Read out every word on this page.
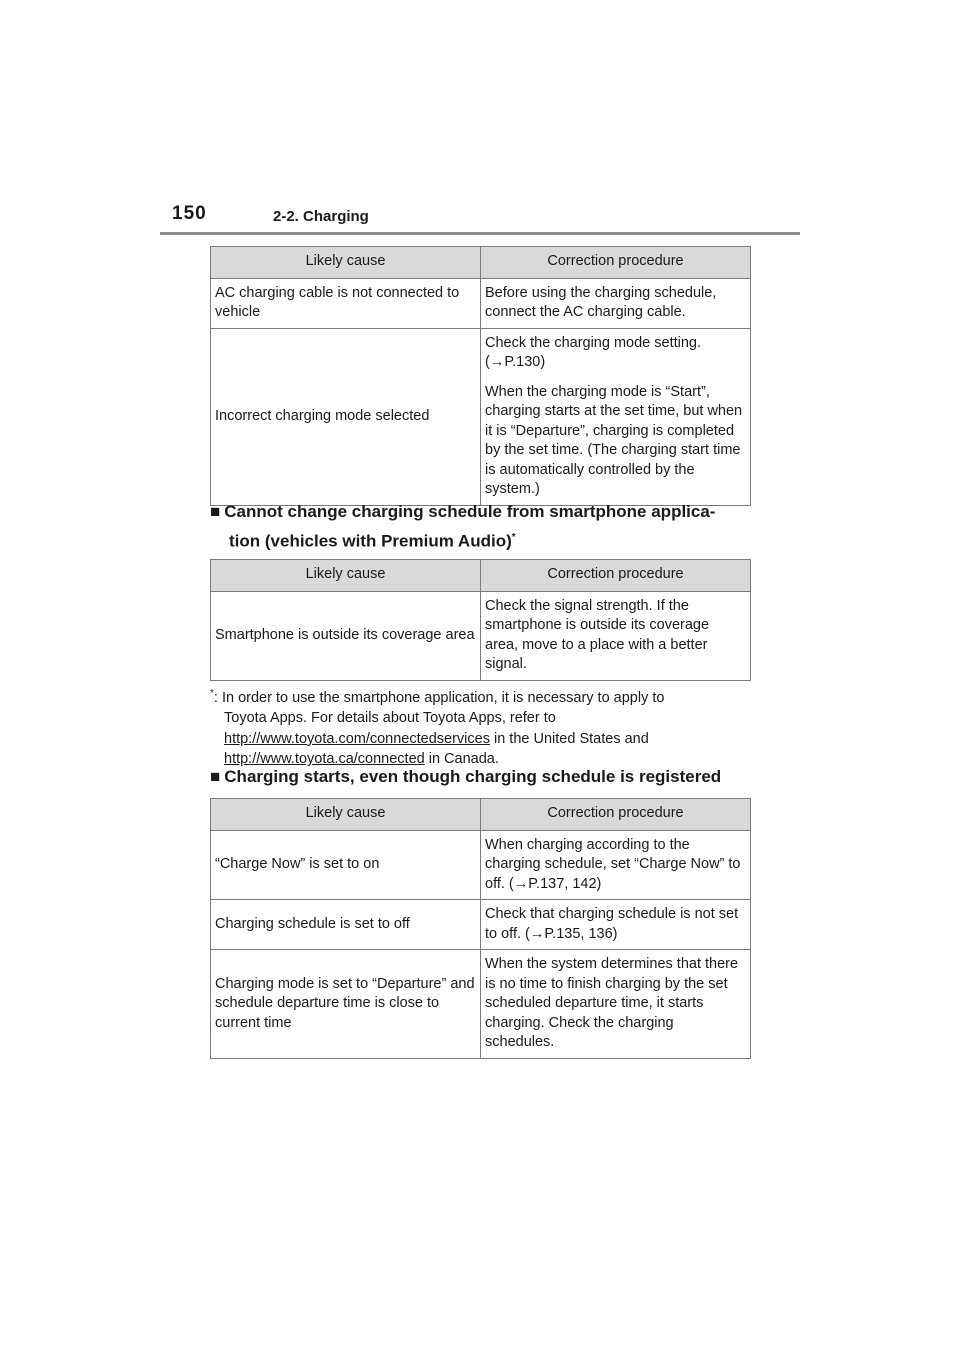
150	2-2. Charging
Likely cause	Correction procedure
AC charging cable is not connected to vehicle	Before using the charging schedule, connect the AC charging cable.

Incorrect charging mode selected	Check the charging mode setting. (→P.130)

When the charging mode is “Start”, charging starts at the set time, but when it is “Departure”, charging is completed by the set time. (The charging start time is automatically controlled by the system.)

■ Cannot change charging schedule from smartphone applica-
tion (vehicles with Premium Audio)*
Likely cause	Correction procedure
Smartphone is outside its coverage area	Check the signal strength. If the smartphone is outside its coverage area, move to a place with a better signal.
*: In order to use the smartphone application, it is necessary to apply to
Toyota Apps. For details about Toyota Apps, refer to
http://www.toyota.com/connectedservices in the United States and
http://www.toyota.ca/connected in Canada.
■ Charging starts, even though charging schedule is registered
Likely cause	Correction procedure
“Charge Now” is set to on	When charging according to the charging schedule, set “Charge Now” to off. (→P.137, 142)
Charging schedule is set to off	Check that charging schedule is not set to off. (→P.135, 136)
Charging mode is set to “Departure” and schedule departure time is close to current time	When the system determines that there is no time to finish charging by the set scheduled departure time, it starts charging. Check the charging schedules.
